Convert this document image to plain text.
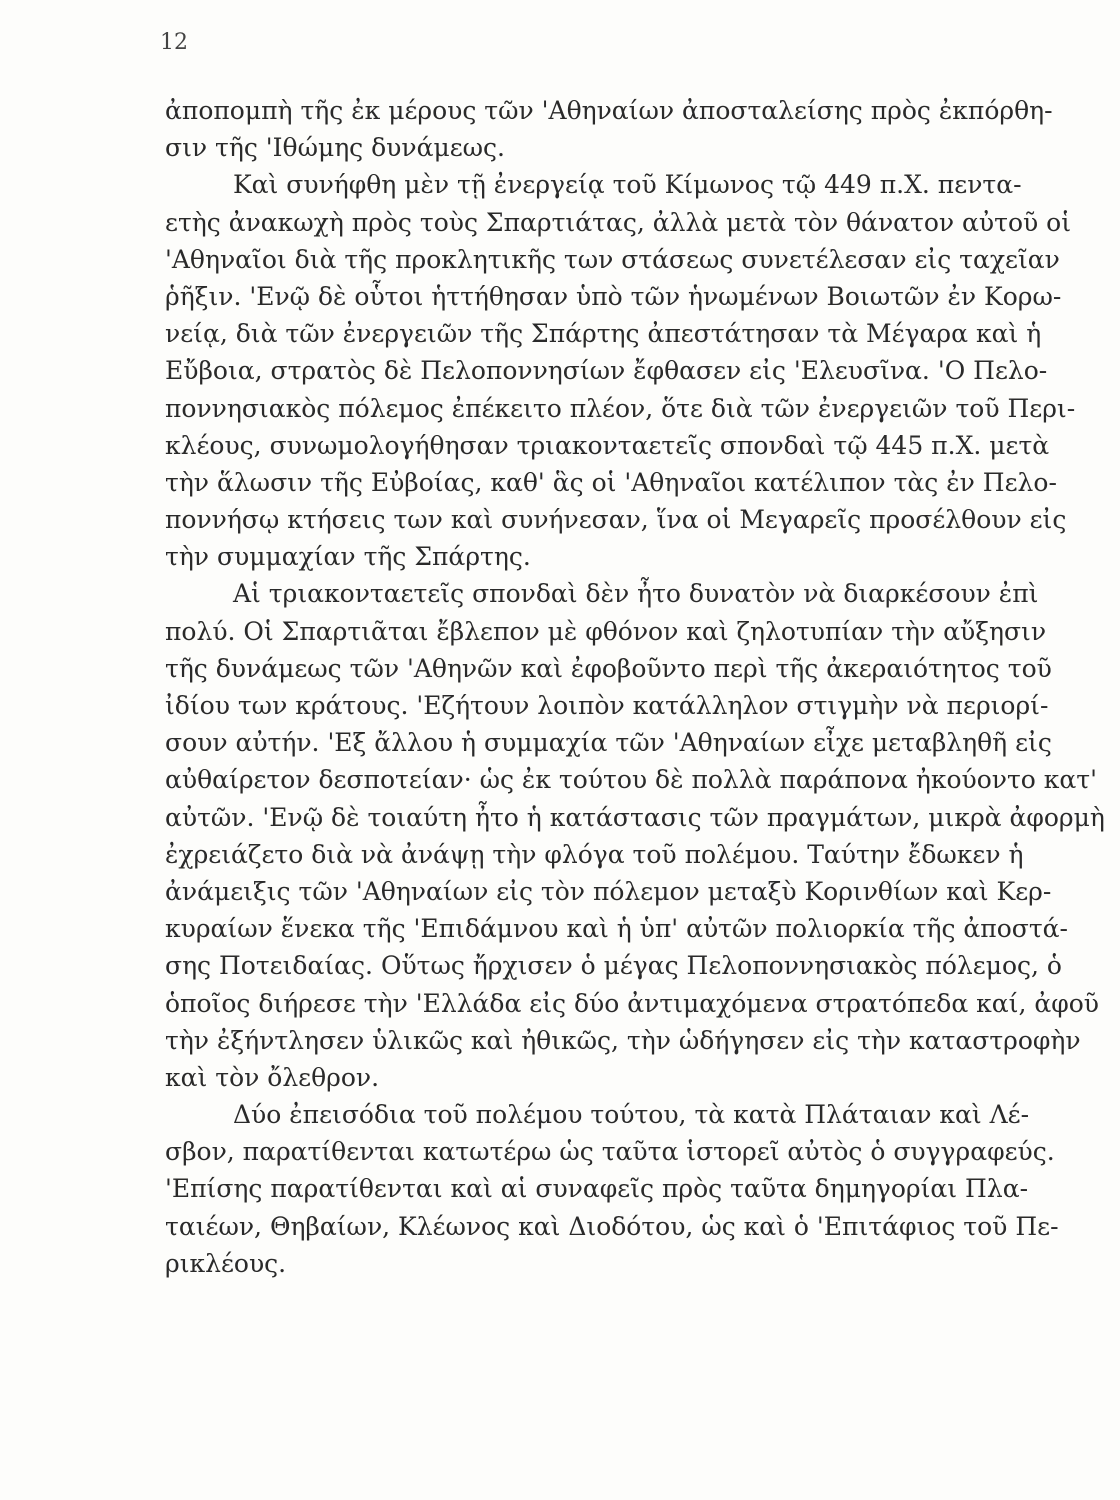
12
ἀποπομπὴ τῆς ἐκ μέρους τῶν 'Αθηναίων ἀποσταλείσης πρὸς ἐκπόρθη-
σιν τῆς 'Ιθώμης δυνάμεως.
Καὶ συνήφθη μὲν τῇ ἐνεργείᾳ τοῦ Κίμωνος τῷ 449 π.Χ. πεντα-
ετὴς ἀνακωχὴ πρὸς τοὺς Σπαρτιάτας, ἀλλὰ μετὰ τὸν θάνατον αὐτοῦ οἱ
'Αθηναῖοι διὰ τῆς προκλητικῆς των στάσεως συνετέλεσαν εἰς ταχεῖαν
ῥῆξιν. 'Ενῷ δὲ οὗτοι ἡττήθησαν ὑπὸ τῶν ἡνωμένων Βοιωτῶν ἐν Κορω-
νείᾳ, διὰ τῶν ἐνεργειῶν τῆς Σπάρτης ἀπεστάτησαν τὰ Μέγαρα καὶ ἡ
Εὔβοια, στρατὸς δὲ Πελοποννησίων ἔφθασεν εἰς 'Ελευσῖνα. 'Ο Πελο-
ποννησιακὸς πόλεμος ἐπέκειτο πλέον, ὅτε διὰ τῶν ἐνεργειῶν τοῦ Περι-
κλέους, συνωμολογήθησαν τριακονταετεῖς σπονδαὶ τῷ 445 π.Χ. μετὰ
τὴν ἅλωσιν τῆς Εὐβοίας, καθ' ἃς οἱ 'Αθηναῖοι κατέλιπον τὰς ἐν Πελο-
ποννήσῳ κτήσεις των καὶ συνήνεσαν, ἵνα οἱ Μεγαρεῖς προσέλθουν εἰς
τὴν συμμαχίαν τῆς Σπάρτης.
Αἱ τριακονταετεῖς σπονδαὶ δὲν ἦτο δυνατὸν νὰ διαρκέσουν ἐπὶ
πολύ. Οἱ Σπαρτιᾶται ἔβλεπον μὲ φθόνον καὶ ζηλοτυπίαν τὴν αὔξησιν
τῆς δυνάμεως τῶν 'Αθηνῶν καὶ ἐφοβοῦντο περὶ τῆς ἀκεραιότητος τοῦ
ἰδίου των κράτους. 'Εζήτουν λοιπὸν κατάλληλον στιγμὴν νὰ περιορί-
σουν αὐτήν. 'Εξ ἄλλου ἡ συμμαχία τῶν 'Αθηναίων εἶχε μεταβληθῆ εἰς
αὐθαίρετον δεσποτείαν· ὡς ἐκ τούτου δὲ πολλὰ παράπονα ἠκούοντο κατ'
αὐτῶν. 'Ενῷ δὲ τοιαύτη ἦτο ἡ κατάστασις τῶν πραγμάτων, μικρὰ ἀφορμὴ
ἐχρειάζετο διὰ νὰ ἀνάψῃ τὴν φλόγα τοῦ πολέμου. Ταύτην ἔδωκεν ἡ
ἀνάμειξις τῶν 'Αθηναίων εἰς τὸν πόλεμον μεταξὺ Κορινθίων καὶ Κερ-
κυραίων ἕνεκα τῆς 'Επιδάμνου καὶ ἡ ὑπ' αὐτῶν πολιορκία τῆς ἀποστά-
σης Ποτειδαίας. Οὕτως ἤρχισεν ὁ μέγας Πελοποννησιακὸς πόλεμος, ὁ
ὁποῖος διήρεσε τὴν 'Ελλάδα εἰς δύο ἀντιμαχόμενα στρατόπεδα καί, ἀφοῦ
τὴν ἐξήντλησεν ὑλικῶς καὶ ἠθικῶς, τὴν ὡδήγησεν εἰς τὴν καταστροφὴν
καὶ τὸν ὄλεθρον.
Δύο ἐπεισόδια τοῦ πολέμου τούτου, τὰ κατὰ Πλάταιαν καὶ Λέ-
σβον, παρατίθενται κατωτέρω ὡς ταῦτα ἱστορεῖ αὐτὸς ὁ συγγραφεύς.
'Επίσης παρατίθενται καὶ αἱ συναφεῖς πρὸς ταῦτα δημηγορίαι Πλα-
ταιέων, Θηβαίων, Κλέωνος καὶ Διοδότου, ὡς καὶ ὁ 'Επιτάφιος τοῦ Πε-
ρικλέους.
